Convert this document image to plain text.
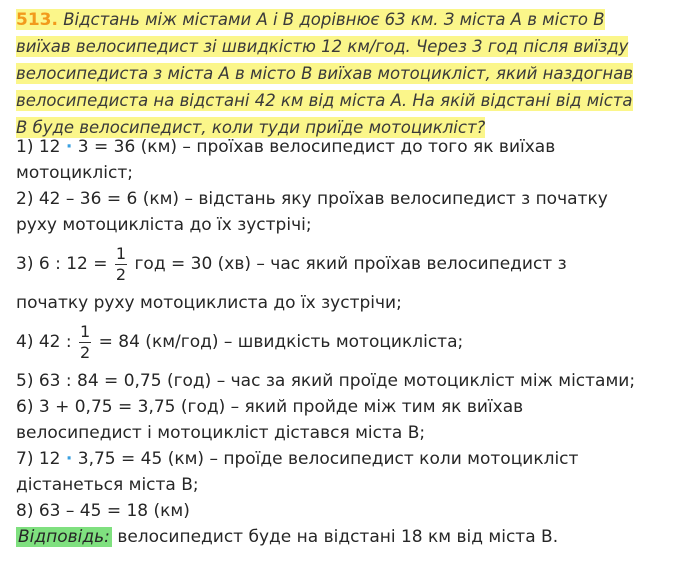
513. Відстань між містами А і В дорівнює 63 км. З міста А в місто В
виїхав велосипедист зі швидкістю 12 км/год. Через 3 год після виїзду
велосипедиста з міста А в місто В виїхав мотоцикліст, який наздогнав
велосипедиста на відстані 42 км від міста А. На якій відстані від міста
В буде велосипедист, коли туди приїде мотоцикліст?
1) 12 · 3 = 36 (км) – проїхав велосипедист до того як виїхав
мотоцикліст;
2) 42 – 36 = 6 (км) – відстань яку проїхав велосипедист з початку
руху мотоцикліста до їх зустрічі;
3) 6 : $12 = \frac{1}{2}$ год = 30 (хв) – час який проїхав велосипедист з
початку руху мотоциклиста до їх зустрічи;
4) 42 : $\frac{1}{2} = 84$ (км/год) – швидкість мотоцикліста;
5) 63 : 84 = 0,75 (год) – час за який проїде мотоцикліст між містами;
6) 3 + 0,75 = 3,75 (год) – який пройде між тим як виїхав
велосипедист і мотоцикліст дістався міста В;
7) 12 · 3,75 = 45 (км) – проїде велосипедист коли мотоцикліст
дістанеться міста В;
8) 63 – 45 = 18 (км)
Відповідь: велосипедист буде на відстані 18 км від міста В.
